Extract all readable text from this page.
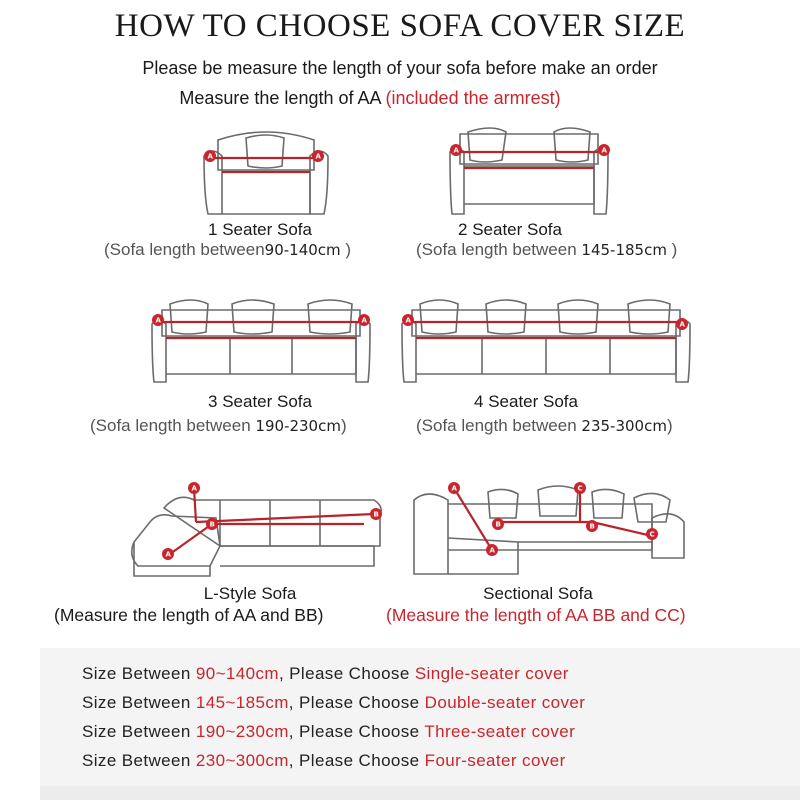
HOW TO CHOOSE SOFA COVER SIZE
Please be measure the length of your sofa before make an order
Measure the length of AA (included the armrest)
A	A
1 Seater Sofa
(Sofa length between90-140cm )
A	A
2 Seater Sofa
(Sofa length between 145-185cm )
A	A
3 Seater Sofa
(Sofa length between 190-230cm)
A	A
4 Seater Sofa
(Sofa length between 235-300cm)
A
B
B
A
L-Style Sofa
(Measure the length of AA and BB)
A
A
B	B
C
C
Sectional Sofa
(Measure the length of AA BB and CC)
Size Between 90~140cm, Please Choose Single-seater cover
Size Between 145~185cm, Please Choose Double-seater cover
Size Between 190~230cm, Please Choose Three-seater cover
Size Between 230~300cm, Please Choose Four-seater cover
